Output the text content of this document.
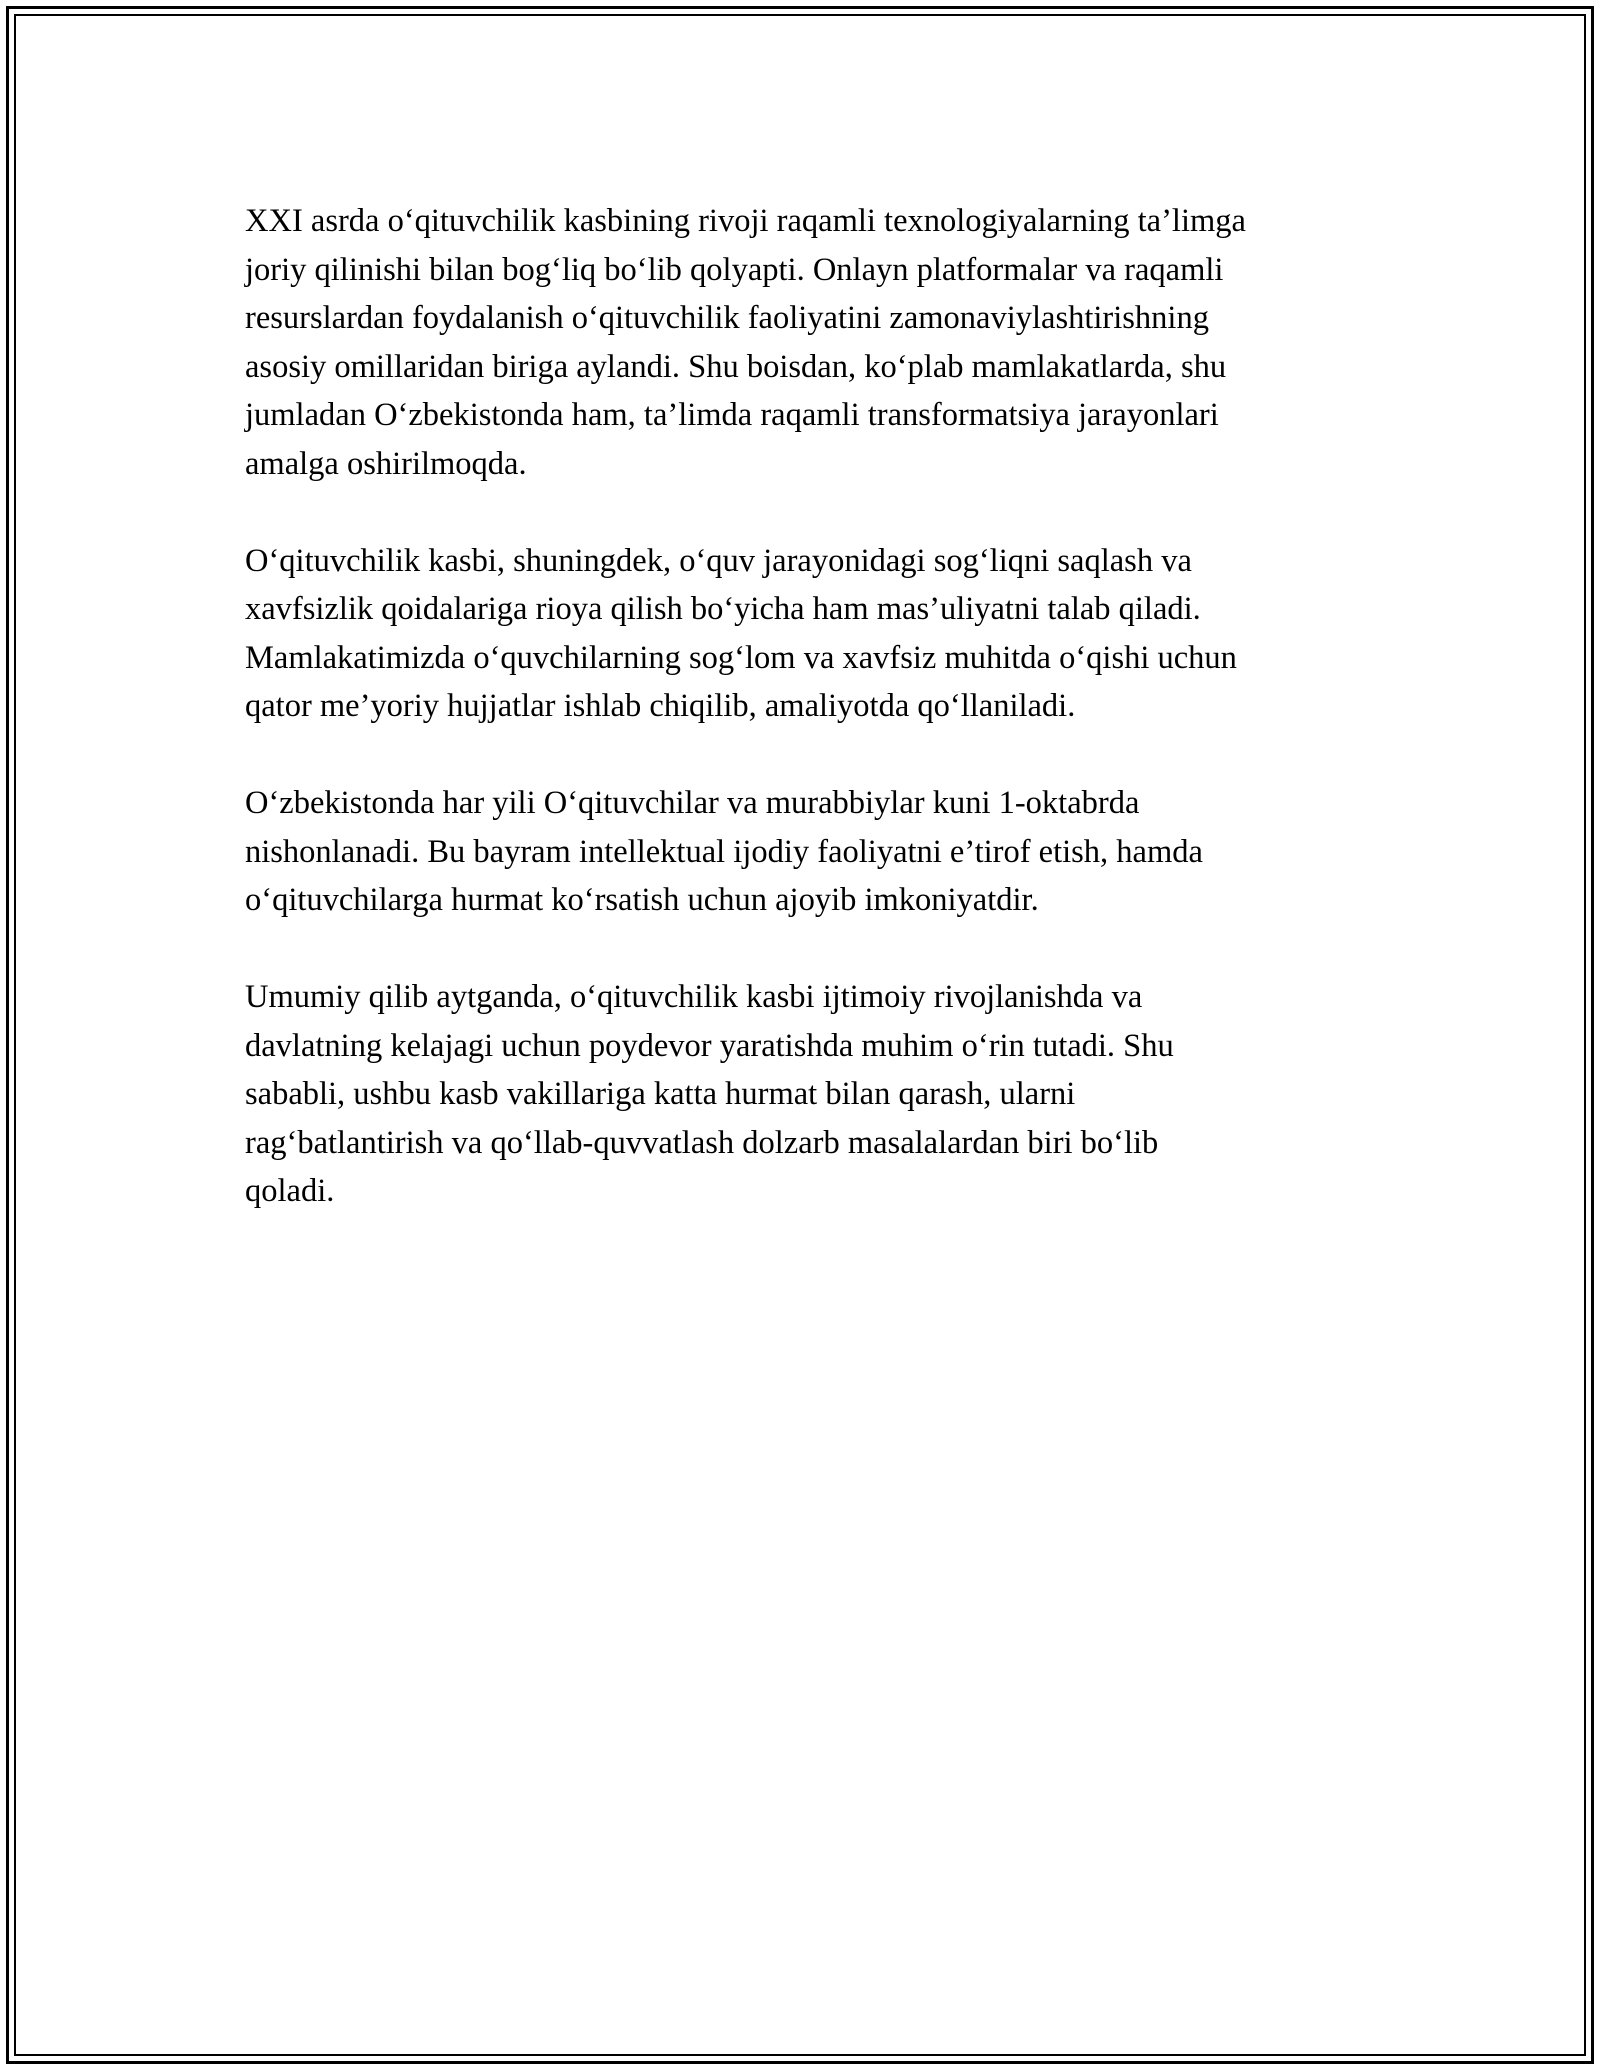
XXI asrda o‘qituvchilik kasbining rivoji raqamli texnologiyalarning ta’limga
joriy qilinishi bilan bog‘liq bo‘lib qolyapti. Onlayn platformalar va raqamli
resurslardan foydalanish o‘qituvchilik faoliyatini zamonaviylashtirishning
asosiy omillaridan biriga aylandi. Shu boisdan, ko‘plab mamlakatlarda, shu
jumladan O‘zbekistonda ham, ta’limda raqamli transformatsiya jarayonlari
amalga oshirilmoqda.

O‘qituvchilik kasbi, shuningdek, o‘quv jarayonidagi sog‘liqni saqlash va
xavfsizlik qoidalariga rioya qilish bo‘yicha ham mas’uliyatni talab qiladi.
Mamlakatimizda o‘quvchilarning sog‘lom va xavfsiz muhitda o‘qishi uchun
qator me’yoriy hujjatlar ishlab chiqilib, amaliyotda qo‘llaniladi.

O‘zbekistonda har yili O‘qituvchilar va murabbiylar kuni 1-oktabrda
nishonlanadi. Bu bayram intellektual ijodiy faoliyatni e’tirof etish, hamda
o‘qituvchilarga hurmat ko‘rsatish uchun ajoyib imkoniyatdir.

Umumiy qilib aytganda, o‘qituvchilik kasbi ijtimoiy rivojlanishda va
davlatning kelajagi uchun poydevor yaratishda muhim o‘rin tutadi. Shu
sababli, ushbu kasb vakillariga katta hurmat bilan qarash, ularni
rag‘batlantirish va qo‘llab-quvvatlash dolzarb masalalardan biri bo‘lib
qoladi.
